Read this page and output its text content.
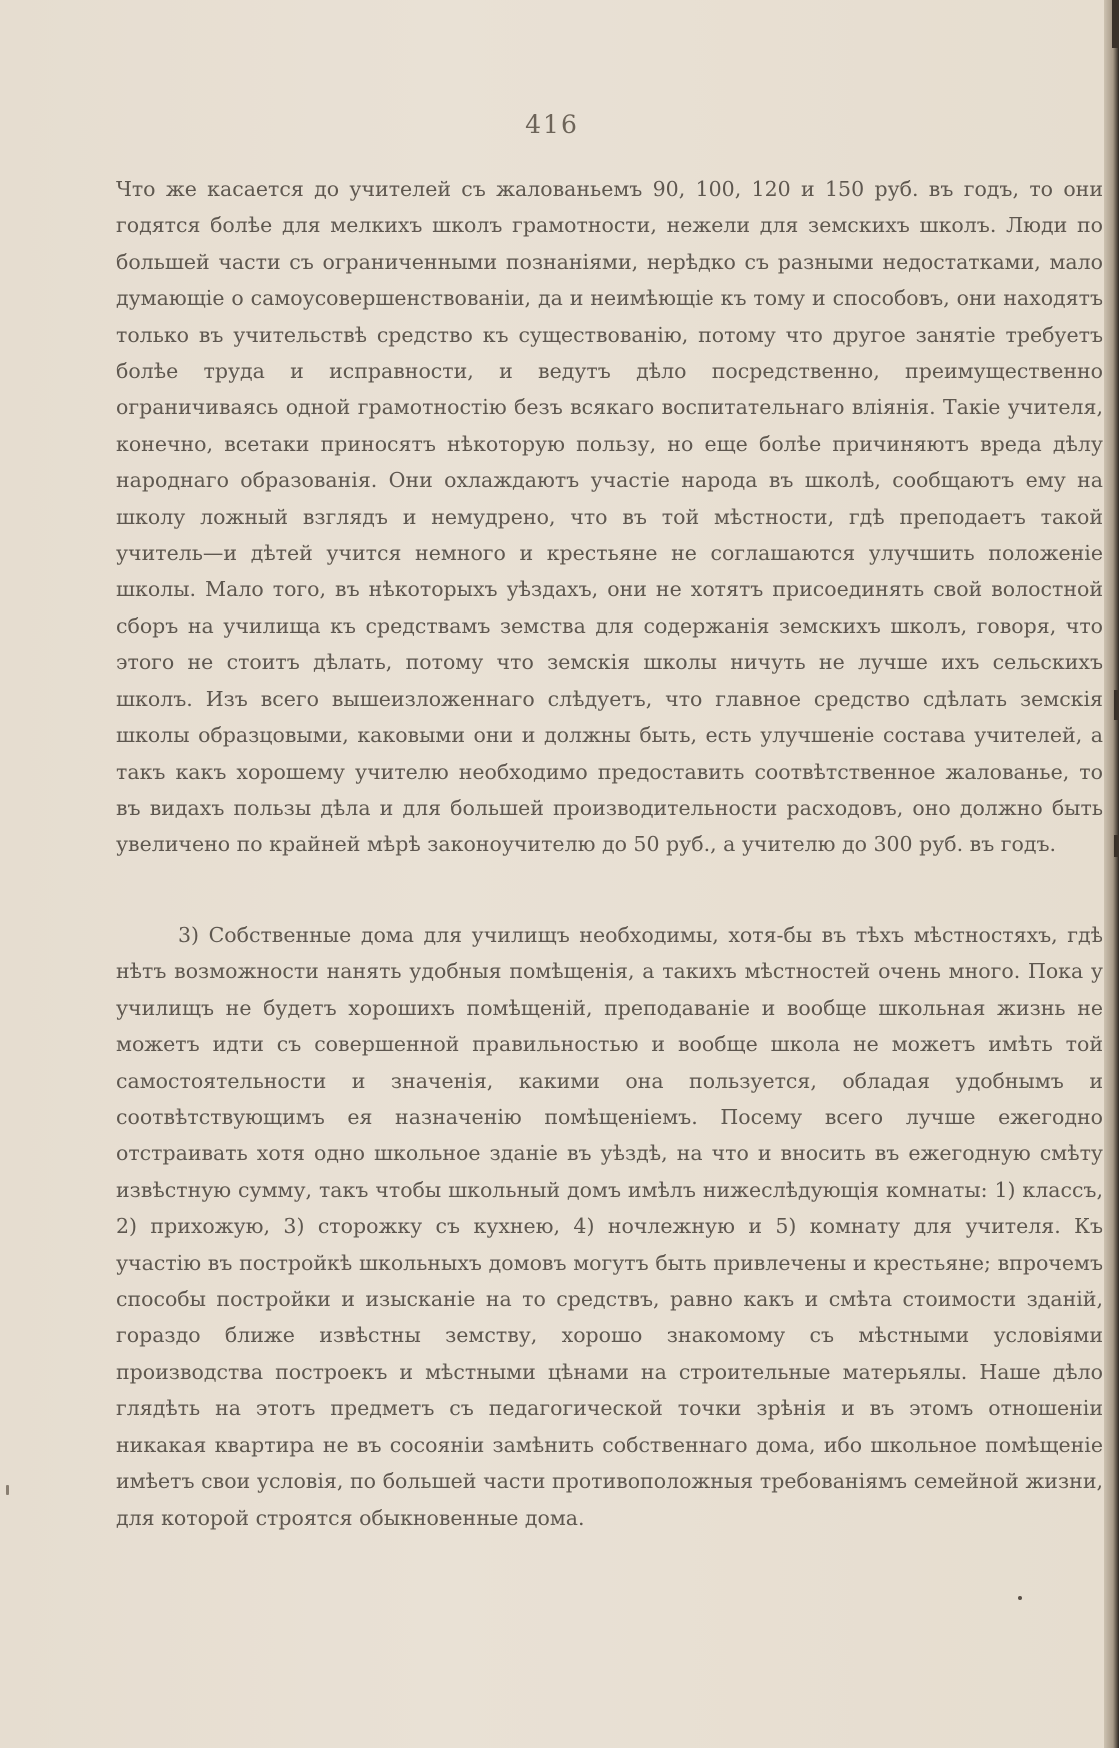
416

Что же касается до учителей съ жалованьемъ 90, 100, 120 и 150 руб. въ годъ, то они годятся болѣе для мелкихъ школъ грамотности, нежели для земскихъ школъ. Люди по большей части съ ограниченными познаніями, нерѣдко съ разными недостатками, мало думающіе о самоусовершенствованіи, да и неимѣющіе къ тому и способовъ, они находятъ только въ учительствѣ средство къ существованію, потому что другое занятіе требуетъ болѣе труда и исправности, и ведутъ дѣло посредственно, преимущественно ограничиваясь одной грамотностію безъ всякаго воспитательнаго вліянія. Такіе учителя, конечно, всетаки приносятъ нѣкоторую пользу, но еще болѣе причиняютъ вреда дѣлу народнаго образованія. Они охлаждаютъ участіе народа въ школѣ, сообщаютъ ему на школу ложный взглядъ и немудрено, что въ той мѣстности, гдѣ преподаетъ такой учитель—и дѣтей учится немного и крестьяне не соглашаются улучшить положеніе школы. Мало того, въ нѣкоторыхъ уѣздахъ, они не хотятъ присоединять свой волостной сборъ на училища къ средствамъ земства для содержанія земскихъ школъ, говоря, что этого не стоитъ дѣлать, потому что земскія школы ничуть не лучше ихъ сельскихъ школъ. Изъ всего вышеизложеннаго слѣдуетъ, что главное средство сдѣлать земскія школы образцовыми, каковыми они и должны быть, есть улучшеніе состава учителей, а такъ какъ хорошему учителю необходимо предоставить соотвѣтственное жалованье, то въ видахъ пользы дѣла и для большей производительности расходовъ, оно должно быть увеличено по крайней мѣрѣ законоучителю до 50 руб., а учителю до 300 руб. въ годъ.

3) Собственные дома для училищъ необходимы, хотя-бы въ тѣхъ мѣстностяхъ, гдѣ нѣтъ возможности нанять удобныя помѣщенія, а такихъ мѣстностей очень много. Пока у училищъ не будетъ хорошихъ помѣщеній, преподаваніе и вообще школьная жизнь не можетъ идти съ совершенной правильностью и вообще школа не можетъ имѣть той самостоятельности и значенія, какими она пользуется, обладая удобнымъ и соотвѣтствующимъ ея назначенію помѣщеніемъ. Посему всего лучше ежегодно отстраивать хотя одно школьное зданіе въ уѣздѣ, на что и вносить въ ежегодную смѣту извѣстную сумму, такъ чтобы школьный домъ имѣлъ нижеслѣдующія комнаты: 1) классъ, 2) прихожую, 3) сторожку съ кухнею, 4) ночлежную и 5) комнату для учителя. Къ участію въ постройкѣ школьныхъ домовъ могутъ быть привлечены и крестьяне; впрочемъ способы постройки и изысканіе на то средствъ, равно какъ и смѣта стоимости зданій, гораздо ближе извѣстны земству, хорошо знакомому съ мѣстными условіями производства построекъ и мѣстными цѣнами на строительные матерьялы. Наше дѣло глядѣть на этотъ предметъ съ педагогической точки зрѣнія и въ этомъ отношеніи никакая квартира не въ сосояніи замѣнить собственнаго дома, ибо школьное помѣщеніе имѣетъ свои условія, по большей части противоположныя требованіямъ семейной жизни, для которой строятся обыкновенные дома.
